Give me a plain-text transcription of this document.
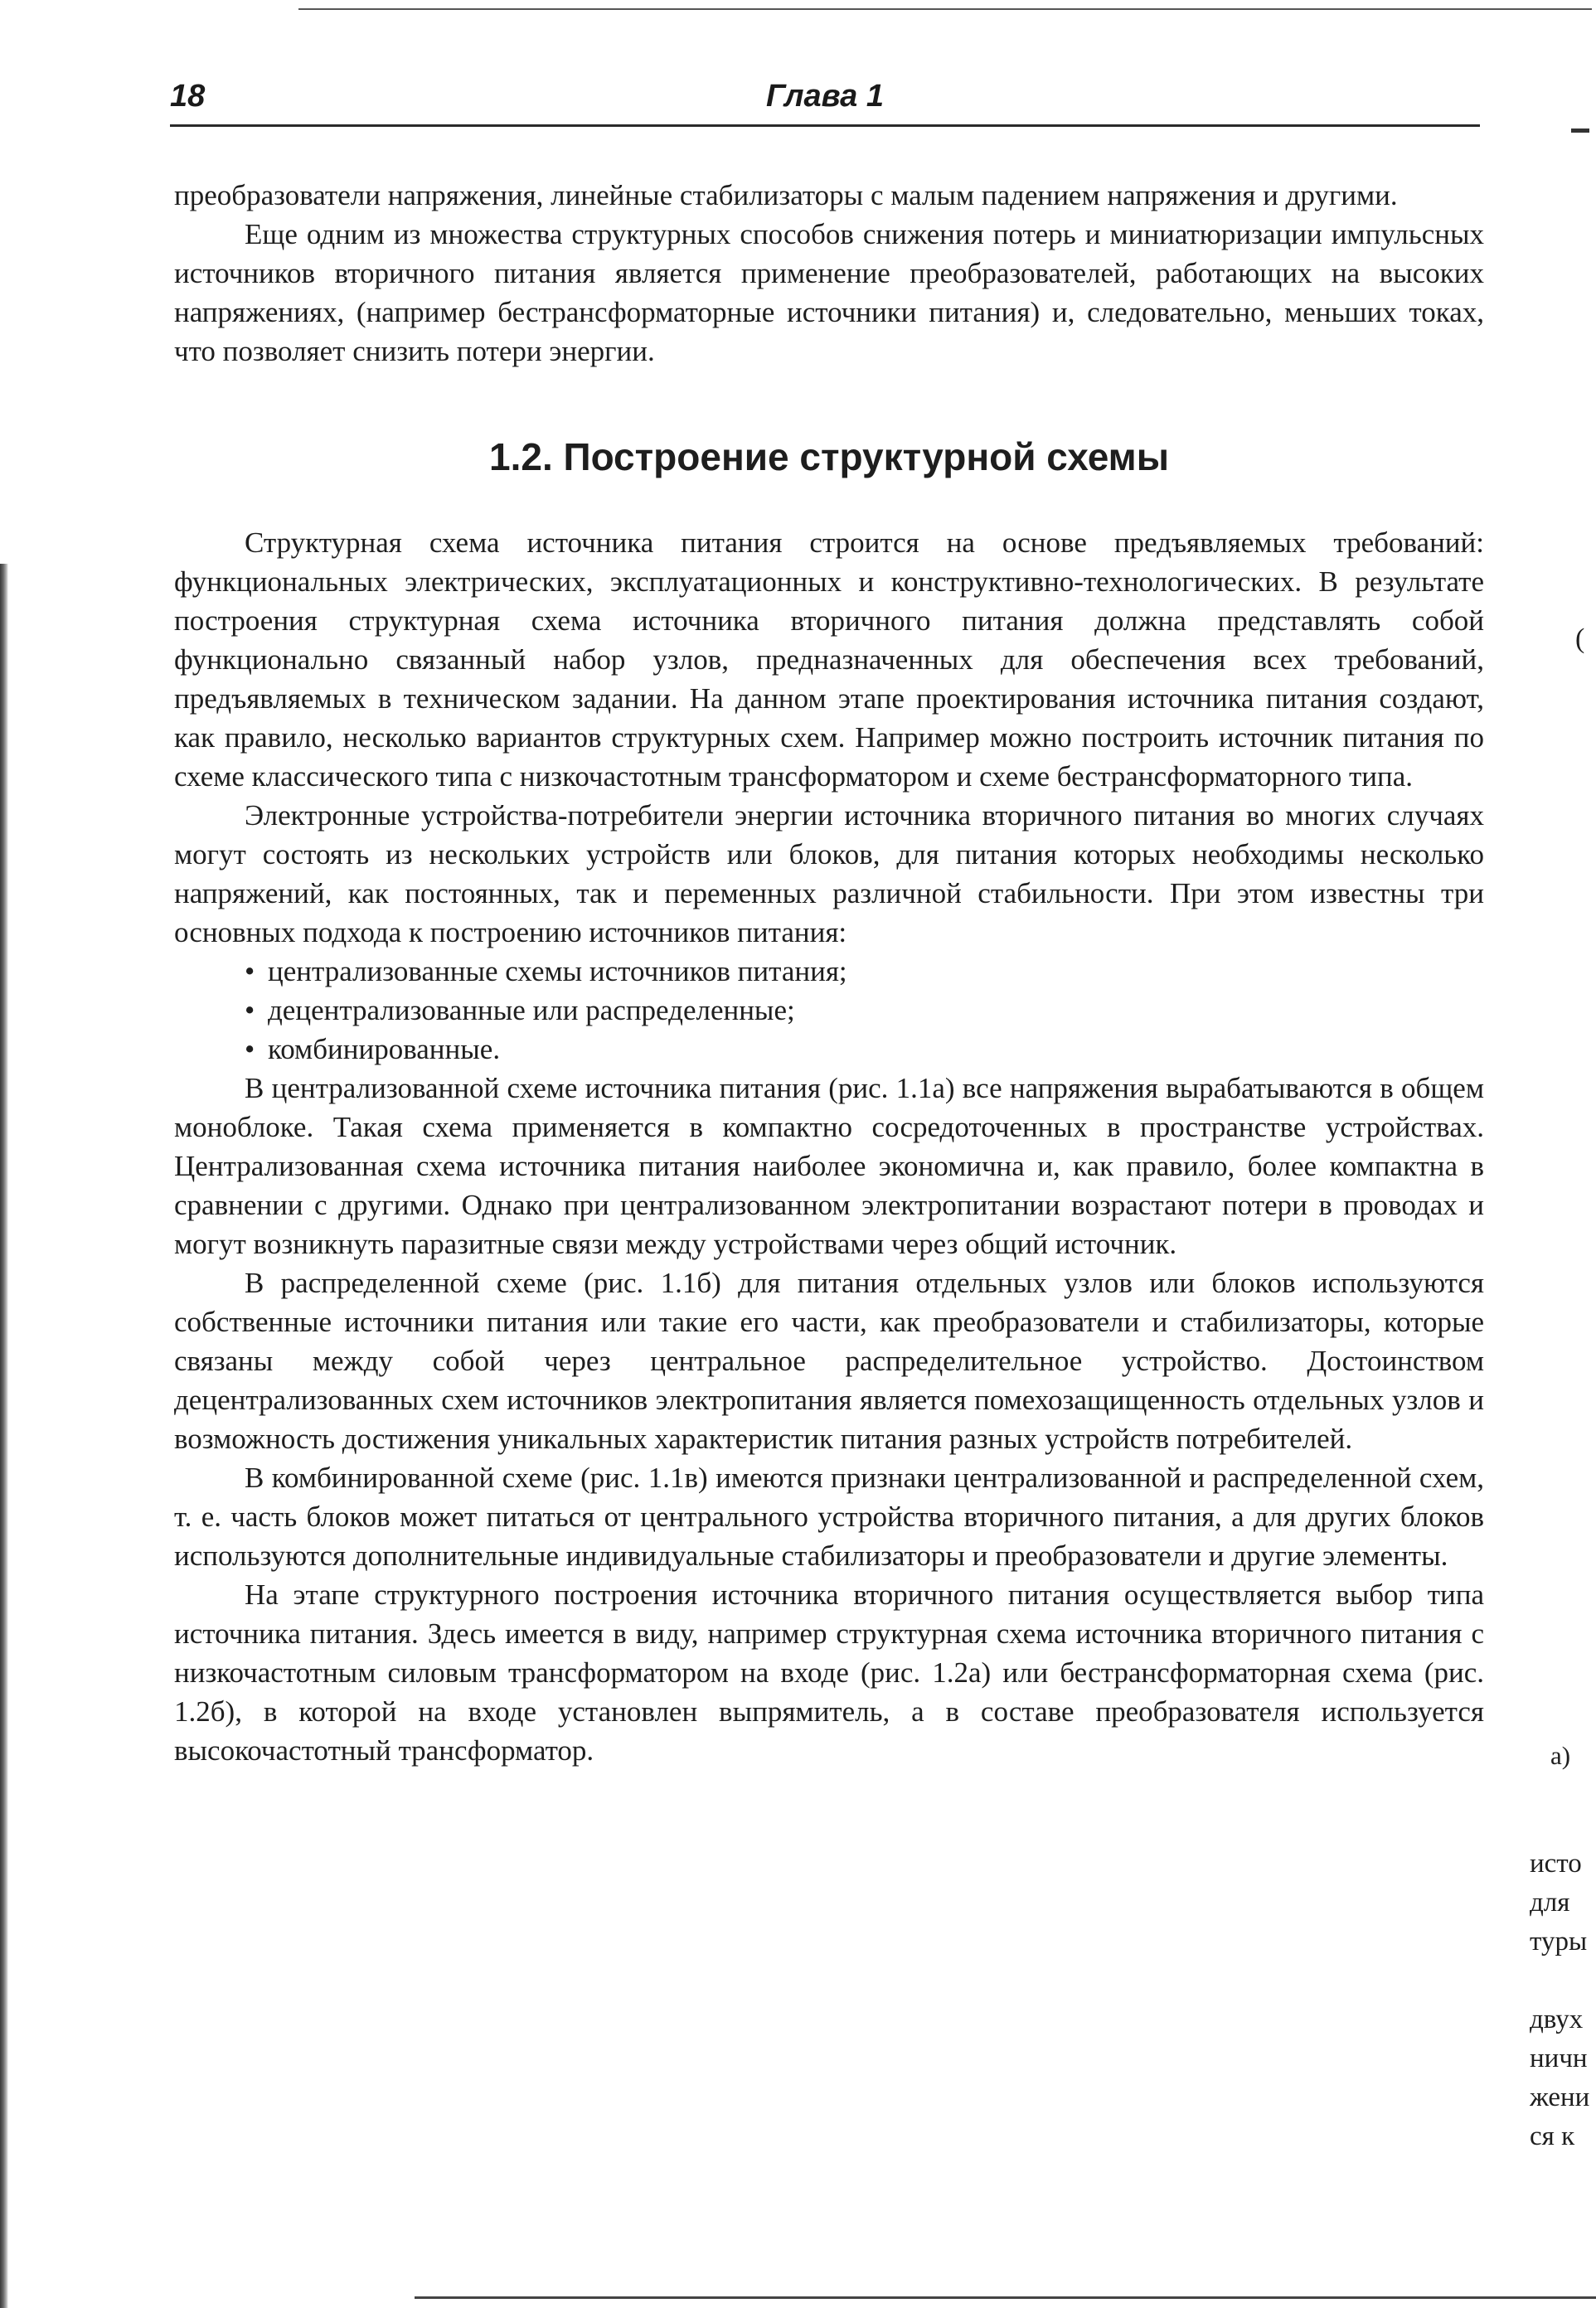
18	Глава 1

преобразователи напряжения, линейные стабилизаторы с малым падением напряжения и другими.

Еще одним из множества структурных способов снижения потерь и миниатюризации импульсных источников вторичного питания является применение преобразователей, работающих на высоких напряжениях, (например бестрансформаторные источники питания) и, следовательно, меньших токах, что позволяет снизить потери энергии.

1.2. Построение структурной схемы

Структурная схема источника питания строится на основе предъявляемых требований: функциональных электрических, эксплуатационных и конструктивно-технологических. В результате построения структурная схема источника вторичного питания должна представлять собой функционально связанный набор узлов, предназначенных для обеспечения всех требований, предъявляемых в техническом задании. На данном этапе проектирования источника питания создают, как правило, несколько вариантов структурных схем. Например можно построить источник питания по схеме классического типа с низкочастотным трансформатором и схеме бестрансформаторного типа.

Электронные устройства-потребители энергии источника вторичного питания во многих случаях могут состоять из нескольких устройств или блоков, для питания которых необходимы несколько напряжений, как постоянных, так и переменных различной стабильности. При этом известны три основных подхода к построению источников питания:

• централизованные схемы источников питания;
• децентрализованные или распределенные;
• комбинированные.

В централизованной схеме источника питания (рис. 1.1а) все напряжения вырабатываются в общем моноблоке. Такая схема применяется в компактно сосредоточенных в пространстве устройствах. Централизованная схема источника питания наиболее экономична и, как правило, более компактна в сравнении с другими. Однако при централизованном электропитании возрастают потери в проводах и могут возникнуть паразитные связи между устройствами через общий источник.

В распределенной схеме (рис. 1.1б) для питания отдельных узлов или блоков используются собственные источники питания или такие его части, как преобразователи и стабилизаторы, которые связаны между собой через центральное распределительное устройство. Достоинством децентрализованных схем источников электропитания является помехозащищенность отдельных узлов и возможность достижения уникальных характеристик питания разных устройств потребителей.

В комбинированной схеме (рис. 1.1в) имеются признаки централизованной и распределенной схем, т. е. часть блоков может питаться от центрального устройства вторичного питания, а для других блоков используются дополнительные индивидуальные стабилизаторы и преобразователи и другие элементы.

На этапе структурного построения источника вторичного питания осуществляется выбор типа источника питания. Здесь имеется в виду, например структурная схема источника вторичного питания с низкочастотным силовым трансформатором на входе (рис. 1.2а) или бестрансформаторная схема (рис. 1.2б), в которой на входе установлен выпрямитель, а в составе преобразователя используется высокочастотный трансформатор.

(
а)
исто
для
туры
двух
ничн
жени
ся к
